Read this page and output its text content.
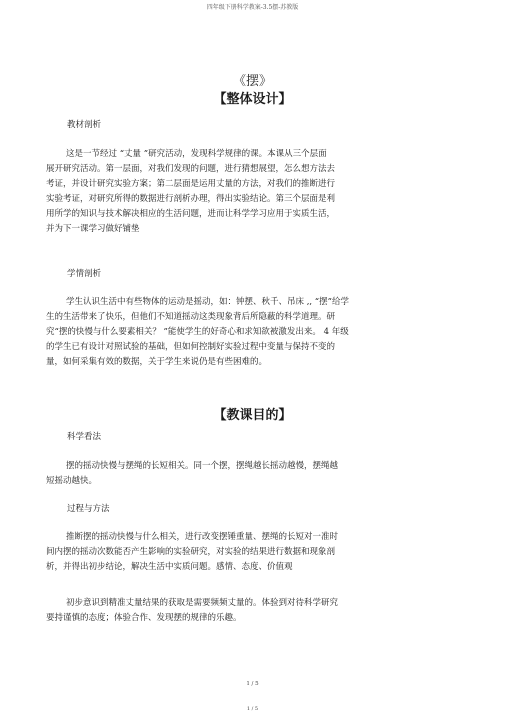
四年级下册科学教案-3.5摆-苏教版
《摆》
【整体设计】
教材剖析
这是一节经过 “丈量 ”研究活动，发现科学规律的课。本课从三个层面
展开研究活动。第一层面，对我们发现的问题，进行猜想展望，怎么想方法去
考证，并设计研究实验方案；第二层面是运用丈量的方法，对我们的推断进行
实验考证，对研究所得的数据进行剖析办理，得出实验结论。第三个层面是利
用所学的知识与技术解决相应的生活问题，进而让科学学习应用于实质生活，
并为下一课学习做好铺垫
学情剖析
学生认识生活中有些物体的运动是摇动，如：钟摆、秋千、吊床 ,, “摆”给学
生的生活带来了快乐，但他们不知道摇动这类现象背后所隐蔽的科学道理。研
究“摆的快慢与什么要素相关？ ”能使学生的好奇心和求知欲被激发出来。 4 年级
的学生已有设计对照试验的基础，但如何控制好实验过程中变量与保持不变的
量，如何采集有效的数据，关于学生来说仍是有些困难的。
【教课目的】
科学看法
摆的摇动快慢与摆绳的长短相关。同一个摆，摆绳越长摇动越慢，摆绳越
短摇动越快。
过程与方法
推断摆的摇动快慢与什么相关，进行改变摆锤重量、摆绳的长短对一准时
间内摆的摇动次数能否产生影响的实验研究，对实验的结果进行数据和现象剖
析，并得出初步结论，解决生活中实质问题。感情、态度、价值观
初步意识到精准丈量结果的获取是需要频频丈量的。体验到对待科学研究
要持谨慎的态度；体验合作、发现摆的规律的乐趣。
1 / 5
1 / 5
